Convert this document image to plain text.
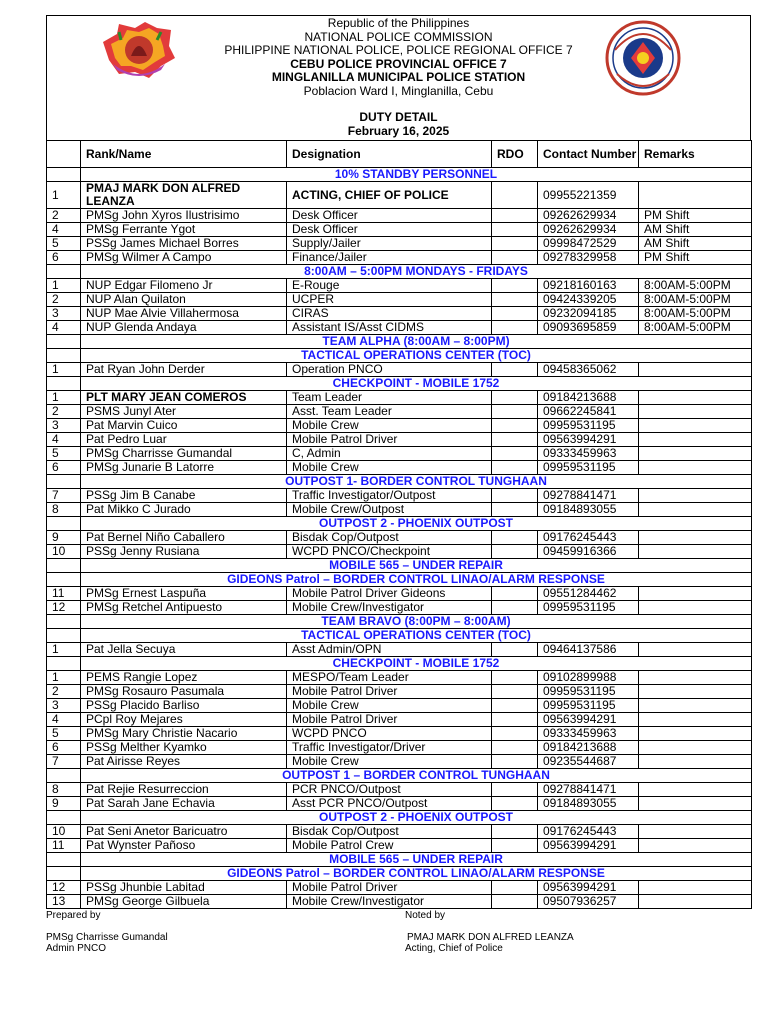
Republic of the Philippines
NATIONAL POLICE COMMISSION
PHILIPPINE NATIONAL POLICE, POLICE REGIONAL OFFICE 7
CEBU POLICE PROVINCIAL OFFICE 7
MINGLANILLA MUNICIPAL POLICE STATION
Poblacion Ward I, Minglanilla, Cebu
DUTY DETAIL
February 16, 2025
	Rank/Name	Designation	RDO	Contact Number	Remarks
	10% STANDBY PERSONNEL				
1	PMAJ MARK DON ALFRED LEANZA	ACTING, CHIEF OF POLICE		09955221359	
2	PMSg John Xyros Ilustrisimo	Desk Officer		09262629934	PM Shift
4	PMSg Ferrante Ygot	Desk Officer		09262629934	AM Shift
5	PSSg James Michael Borres	Supply/Jailer		09998472529	AM Shift
6	PMSg Wilmer A Campo	Finance/Jailer		09278329958	PM Shift
	8:00AM – 5:00PM MONDAYS - FRIDAYS				
1	NUP Edgar Filomeno Jr	E-Rouge		09218160163	8:00AM-5:00PM
2	NUP Alan Quilaton	UCPER		09424339205	8:00AM-5:00PM
3	NUP Mae Alvie Villahermosa	CIRAS		09232094185	8:00AM-5:00PM
4	NUP Glenda Andaya	Assistant IS/Asst CIDMS		09093695859	8:00AM-5:00PM
	TEAM ALPHA (8:00AM – 8:00PM)				
	TACTICAL OPERATIONS CENTER (TOC)				
1	Pat Ryan John Derder	Operation PNCO		09458365062	
	CHECKPOINT - MOBILE 1752				
1	PLT MARY JEAN COMEROS	Team Leader		09184213688	
2	PSMS Junyl Ater	Asst. Team Leader		09662245841	
3	Pat Marvin Cuico	Mobile Crew		09959531195	
4	Pat Pedro Luar	Mobile Patrol Driver		09563994291	
5	PMSg Charrisse Gumandal	C, Admin		09333459963	
6	PMSg Junarie B Latorre	Mobile Crew		09959531195	
	OUTPOST 1- BORDER CONTROL TUNGHAAN				
7	PSSg Jim B Canabe	Traffic Investigator/Outpost		09278841471	
8	Pat Mikko C Jurado	Mobile Crew/Outpost		09184893055	
	OUTPOST 2 - PHOENIX OUTPOST				
9	Pat Bernel Niño Caballero	Bisdak Cop/Outpost		09176245443	
10	PSSg Jenny Rusiana	WCPD PNCO/Checkpoint		09459916366	
	MOBILE 565 – UNDER REPAIR				
	GIDEONS Patrol – BORDER CONTROL LINAO/ALARM RESPONSE				
11	PMSg Ernest Laspuña	Mobile Patrol Driver Gideons		09551284462	
12	PMSg Retchel Antipuesto	Mobile Crew/Investigator		09959531195	
	TEAM BRAVO (8:00PM – 8:00AM)				
	TACTICAL OPERATIONS CENTER (TOC)				
1	Pat Jella Secuya	Asst Admin/OPN		09464137586	
	CHECKPOINT - MOBILE 1752				
1	PEMS Rangie Lopez	MESPO/Team Leader		09102899988	
2	PMSg Rosauro Pasumala	Mobile Patrol Driver		09959531195	
3	PSSg Placido Barliso	Mobile Crew		09959531195	
4	PCpl Roy Mejares	Mobile Patrol Driver		09563994291	
5	PMSg Mary Christie Nacario	WCPD PNCO		09333459963	
6	PSSg Melther Kyamko	Traffic Investigator/Driver		09184213688	
7	Pat Airisse Reyes	Mobile Crew		09235544687	
	OUTPOST 1 – BORDER CONTROL TUNGHAAN				
8	Pat Rejie Resurreccion	PCR PNCO/Outpost		09278841471	
9	Pat Sarah Jane Echavia	Asst PCR PNCO/Outpost		09184893055	
	OUTPOST 2 - PHOENIX OUTPOST				
10	Pat Seni Anetor Baricuatro	Bisdak Cop/Outpost		09176245443	
11	Pat Wynster Pañoso	Mobile Patrol Crew		09563994291	
	MOBILE 565 – UNDER REPAIR				
	GIDEONS Patrol – BORDER CONTROL LINAO/ALARM RESPONSE				
12	PSSg Jhunbie Labitad	Mobile Patrol Driver		09563994291	
13	PMSg George Gilbuela	Mobile Crew/Investigator		09507936257	
Prepared by
PMSg Charrisse Gumandal
Admin PNCO
Noted by
PMAJ MARK DON ALFRED LEANZA
Acting, Chief of Police
